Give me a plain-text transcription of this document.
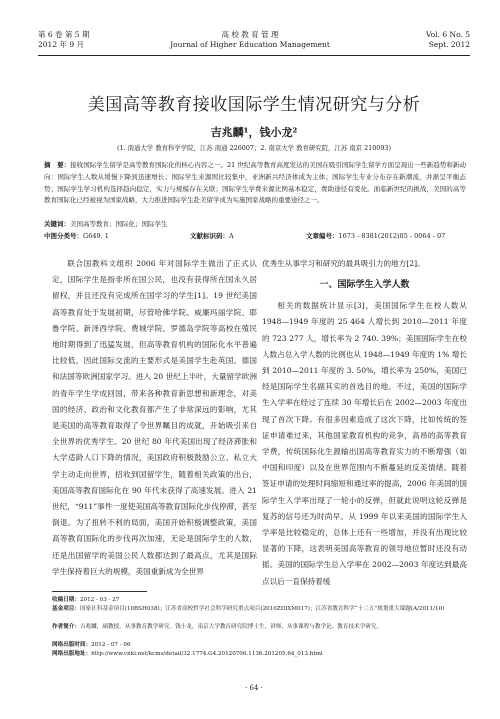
第 6 卷 第 5 期
2012 年 9 月
高 校 教 育 管 理
Journal of Higher Education Management
Vol. 6 No. 5
Sept. 2012
美国高等教育接收国际学生情况研究与分析
吉兆麟¹，钱小龙²
(1. 南通大学 教育科学学院，江苏 南通 226007；2. 南京大学 教育研究院，江苏 南京 210093)
摘　要：接收国际学生留学是高等教育国际化的核心内容之一。21 世纪高等教育高度发达的美国在吸引国际学生留学方面呈现出一些新趋势和新动向：国际学生人数从缓慢下降到迅速增长；国际学生来源国比较集中，亚洲新兴经济体成为主体；国际学生专业分布存在新潮流，并渐呈平衡态势；国际学生学习机构选择趋向稳定，实力与规模存在关联；国际学生学费来源比例基本稳定，费助途径有变化。面临新世纪的挑战，美国的高等教育国际化已经被视为国家战略，大力推进国际学生赴美留学成为实施国家战略的重要途径之一。
关键词：美国高等教育；国际化；国际学生
中图分类号：G649. 1	文献标识码：A	文章编号：1673 - 8381(2012)05 - 0064 - 07

联合国教科文组织 2006 年对国际学生做出了正式认定，国际学生是指非所在国公民，也没有获得所在国永久居留权，并且还没有完成所在国学习的学生[1]。19 世纪美国高等教育处于发展初期，尽管哈佛学院、威廉玛丽学院、耶鲁学院、新泽西学院、费城学院、罗德岛学院等高校在殖民地时期得到了迅猛发展，但高等教育机构的国际化水平普遍比较低，因此国际交流的主要形式是美国学生赴英国、德国和法国等欧洲国家学习。进入 20 世纪上半叶，大量留学欧洲的青年学生学成回国，带来各种教育新思想和新理念，对美国的经济、政治和文化教育都产生了非常深远的影响，尤其是美国的高等教育取得了令世界瞩目的成就，开始吸引来自全世界的优秀学生。20 世纪 80 年代美国出现了经济滞胀和大学适龄人口下降的情况，美国政府积极鼓励公立、私立大学主动走向世界，招收到国留学生，随着相关政策的出台，美国高等教育国际化在 90 年代末获得了高速发展。进入 21 世纪，“911”事件一度使美国高等教育国际化步伐停滞，甚至倒退。为了扭转不利的局面，美国开始积极调整政策，美国高等教育国际化的步伐再次加速，无论是国际学生的人数，还是出国留学的美国公民人数都达到了最高点，尤其是国际学生保持着巨大的规模，美国重新成为全世界

优秀生从事学习和研究的最具吸引力的地方[2]。

一、国际学生入学人数

相关的数据统计显示[3]，美国国际学生在校人数从 1948—1949 年度的 25 464 人增长到 2010—2011 年度的 723 277 人，增长率为 2 740. 39%；美国国际学生在校人数占总入学人数的比例也从 1948—1949 年度的 1% 增长到 2010—2011 年度的 3. 50%，增长率为 250%，美国已经是国际学生名副其实的首选目的地。不过，美国的国际学生入学率在经过了连续 30 年增长后在 2002—2003 年度出现了首次下降。有很多因素造成了这次下降，比如传统的签证申请难过来，其他国家教育机构的竞争，高昂的高等教育学费，传统国际化生源输出国高等教育实力的不断增强（如中国和印度）以及在世界范围内不断蔓延的反美情绪。随着签证申请的处理时间缩短和通过率的提高，2006 年美国的国际学生入学率出现了一轮小的反弹，但就此说明这轮反弹是复苏的信号还为时尚早。从 1999 年以来美国的国际学生入学率是比较稳定的，总体上还有一些增加，并没有出现比较显著的下降，这表明美国高等教育的领导地位暂时还没有动摇。美国的国际学生总入学率在 2002—2003 年度达到最高点以后一直保持着缓

收稿日期：2012 - 03 - 27
基金项目：国家社科基金项目(10BSH038)；江苏省高校哲学社会科学研究重点项目(2010ZDIXM017)；江苏省教育科学“十二五”规划重大课题(A/2011/10)
作者简介：吉兆麟，副教授，从事教育教学研究。钱小龙，南京大学教育研究院博士生，讲师，从事课程与教学论、教育技术学研究。
网络出版时间：2012 - 07 - 06
网络出版地址：http://www.cnki.net/kcms/detail/32.1774.G4.20120706.1136.201205.64_013.html
· 64 ·
